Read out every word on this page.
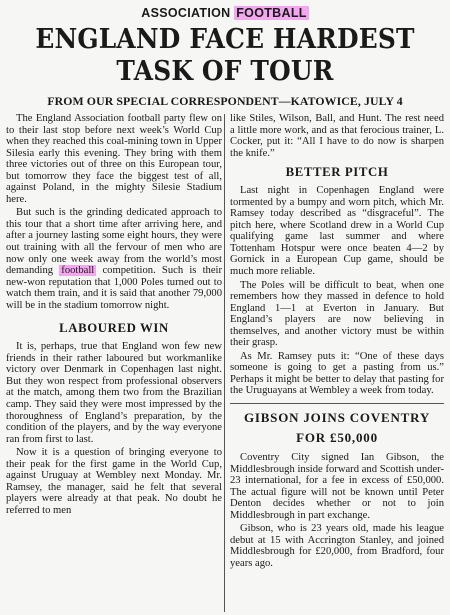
ASSOCIATION FOOTBALL
ENGLAND FACE HARDEST
TASK OF TOUR
FROM OUR SPECIAL CORRESPONDENT—KATOWICE, JULY 4

The England Association football party flew on to their last stop before next week’s World Cup when they reached this coal-mining town in Upper Silesia early this evening. They bring with them three victories out of three on this European tour, but tomorrow they face the biggest test of all, against Poland, in the mighty Silesie Stadium here.

But such is the grinding dedicated approach to this tour that a short time after arriving here, and after a journey lasting some eight hours, they were out training with all the fervour of men who are now only one week away from the world’s most demanding football competition. Such is their new-won reputation that 1,000 Poles turned out to watch them train, and it is said that another 79,000 will be in the stadium tomorrow night.

LABOURED WIN

It is, perhaps, true that England won few new friends in their rather laboured but workmanlike victory over Denmark in Copenhagen last night. But they won respect from professional observers at the match, among them two from the Brazilian camp. They said they were most impressed by the thoroughness of England’s preparation, by the condition of the players, and by the way everyone ran from first to last.

Now it is a question of bringing everyone to their peak for the first game in the World Cup, against Uruguay at Wembley next Monday. Mr. Ramsey, the manager, said he felt that several players were already at that peak. No doubt he referred to men

like Stiles, Wilson, Ball, and Hunt. The rest need a little more work, and as that ferocious trainer, L. Cocker, put it: “All I have to do now is sharpen the knife.”

BETTER PITCH

Last night in Copenhagen England were tormented by a bumpy and worn pitch, which Mr. Ramsey today described as “disgraceful”. The pitch here, where Scotland drew in a World Cup qualifying game last summer and where Tottenham Hotspur were once beaten 4—2 by Gornick in a European Cup game, should be much more reliable.

The Poles will be difficult to beat, when one remembers how they massed in defence to hold England 1—1 at Everton in January. But England’s players are now believing in themselves, and another victory must be within their grasp.

As Mr. Ramsey puts it: “One of these days someone is going to get a pasting from us.” Perhaps it might be better to delay that pasting for the Uruguayans at Wembley a week from today.

GIBSON JOINS COVENTRY
FOR £50,000

Coventry City signed Ian Gibson, the Middlesbrough inside forward and Scottish under-23 international, for a fee in excess of £50,000. The actual figure will not be known until Peter Denton decides whether or not to join Middlesbrough in part exchange.

Gibson, who is 23 years old, made his league debut at 15 with Accrington Stanley, and joined Middlesbrough for £20,000, from Bradford, four years ago.
